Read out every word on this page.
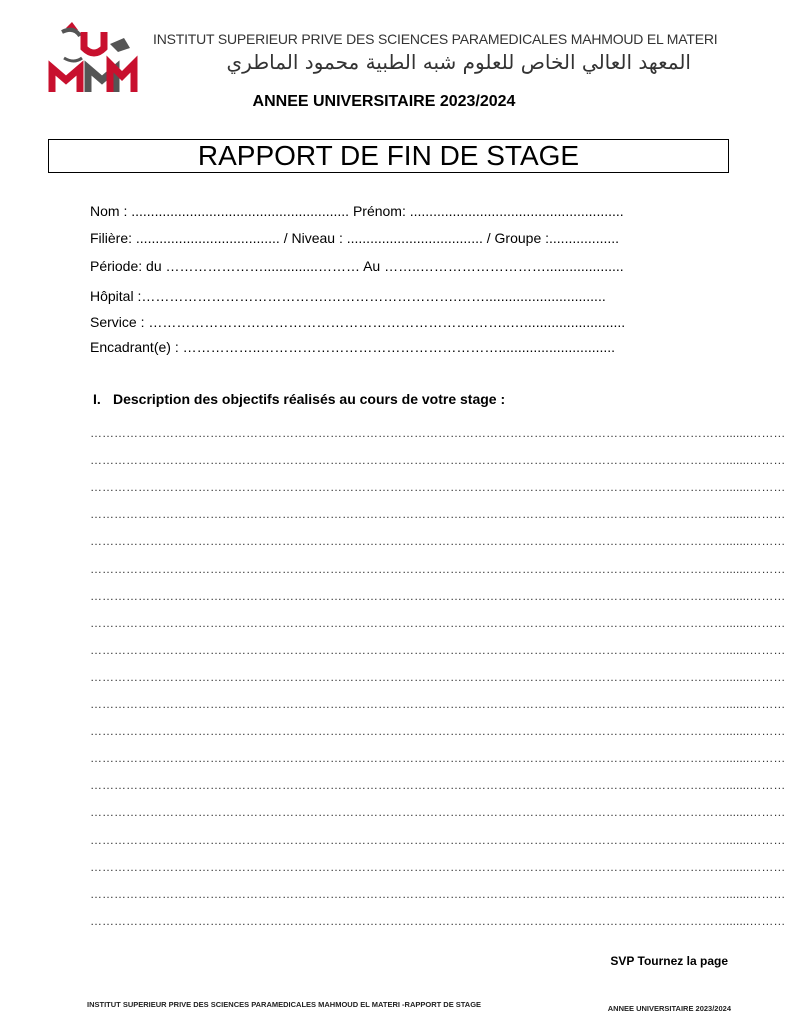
INSTITUT SUPERIEUR PRIVE DES SCIENCES PARAMEDICALES MAHMOUD EL MATERI
المعهد العالي الخاص للعلوم شبه الطبية محمود الماطري
ANNEE UNIVERSITAIRE 2023/2024
RAPPORT DE FIN DE STAGE
Nom : ........................................................ Prénom: .......................................................
Filière: ..................................... / Niveau : ................................... / Groupe :..................
Période: du …………………..............……… Au ……..………………………....................
Hôpital :………………………………….……………………….……...............................
Service : …………………………………………………………….……..…..........................
Encadrant(e) : ……………..……………………………………………..............................
I. Description des objectifs réalisés au cours de votre stage :
…………………………………………………………………………………………………………………………………………….......………
…………………………………………………………………………………………………………………………………………….......………
…………………………………………………………………………………………………………………………………………….......………
…………………………………………………………………………………………………………………………………………….......………
…………………………………………………………………………………………………………………………………………….......………
…………………………………………………………………………………………………………………………………………….......………
…………………………………………………………………………………………………………………………………………….......………
…………………………………………………………………………………………………………………………………………….......………
…………………………………………………………………………………………………………………………………………….......………
…………………………………………………………………………………………………………………………………………….......………
…………………………………………………………………………………………………………………………………………….......………
…………………………………………………………………………………………………………………………………………….......………
…………………………………………………………………………………………………………………………………………….......………
…………………………………………………………………………………………………………………………………………….......………
…………………………………………………………………………………………………………………………………………….......………
…………………………………………………………………………………………………………………………………………….......………
…………………………………………………………………………………………………………………………………………….......………
…………………………………………………………………………………………………………………………………………….......………
…………………………………………………………………………………………………………………………………………….......………
SVP Tournez la page
INSTITUT SUPERIEUR PRIVE DES SCIENCES PARAMEDICALES MAHMOUD EL MATERI -RAPPORT DE STAGE	ANNEE UNIVERSITAIRE 2023/2024
